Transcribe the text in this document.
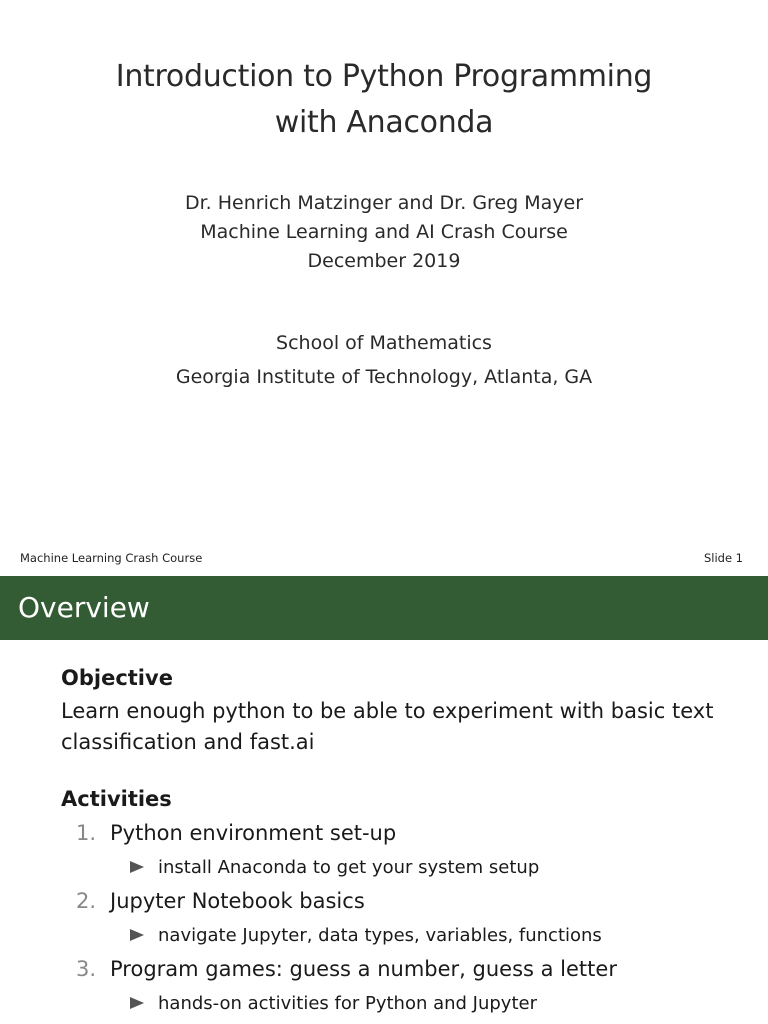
Introduction to Python Programming
with Anaconda
Dr. Henrich Matzinger and Dr. Greg Mayer
Machine Learning and AI Crash Course
December 2019
School of Mathematics
Georgia Institute of Technology, Atlanta, GA
Machine Learning Crash Course	Slide 1
Overview
Objective
Learn enough python to be able to experiment with basic text classification and fast.ai
Activities
1. Python environment set-up
install Anaconda to get your system setup
2. Jupyter Notebook basics
navigate Jupyter, data types, variables, functions
3. Program games: guess a number, guess a letter
hands-on activities for Python and Jupyter
